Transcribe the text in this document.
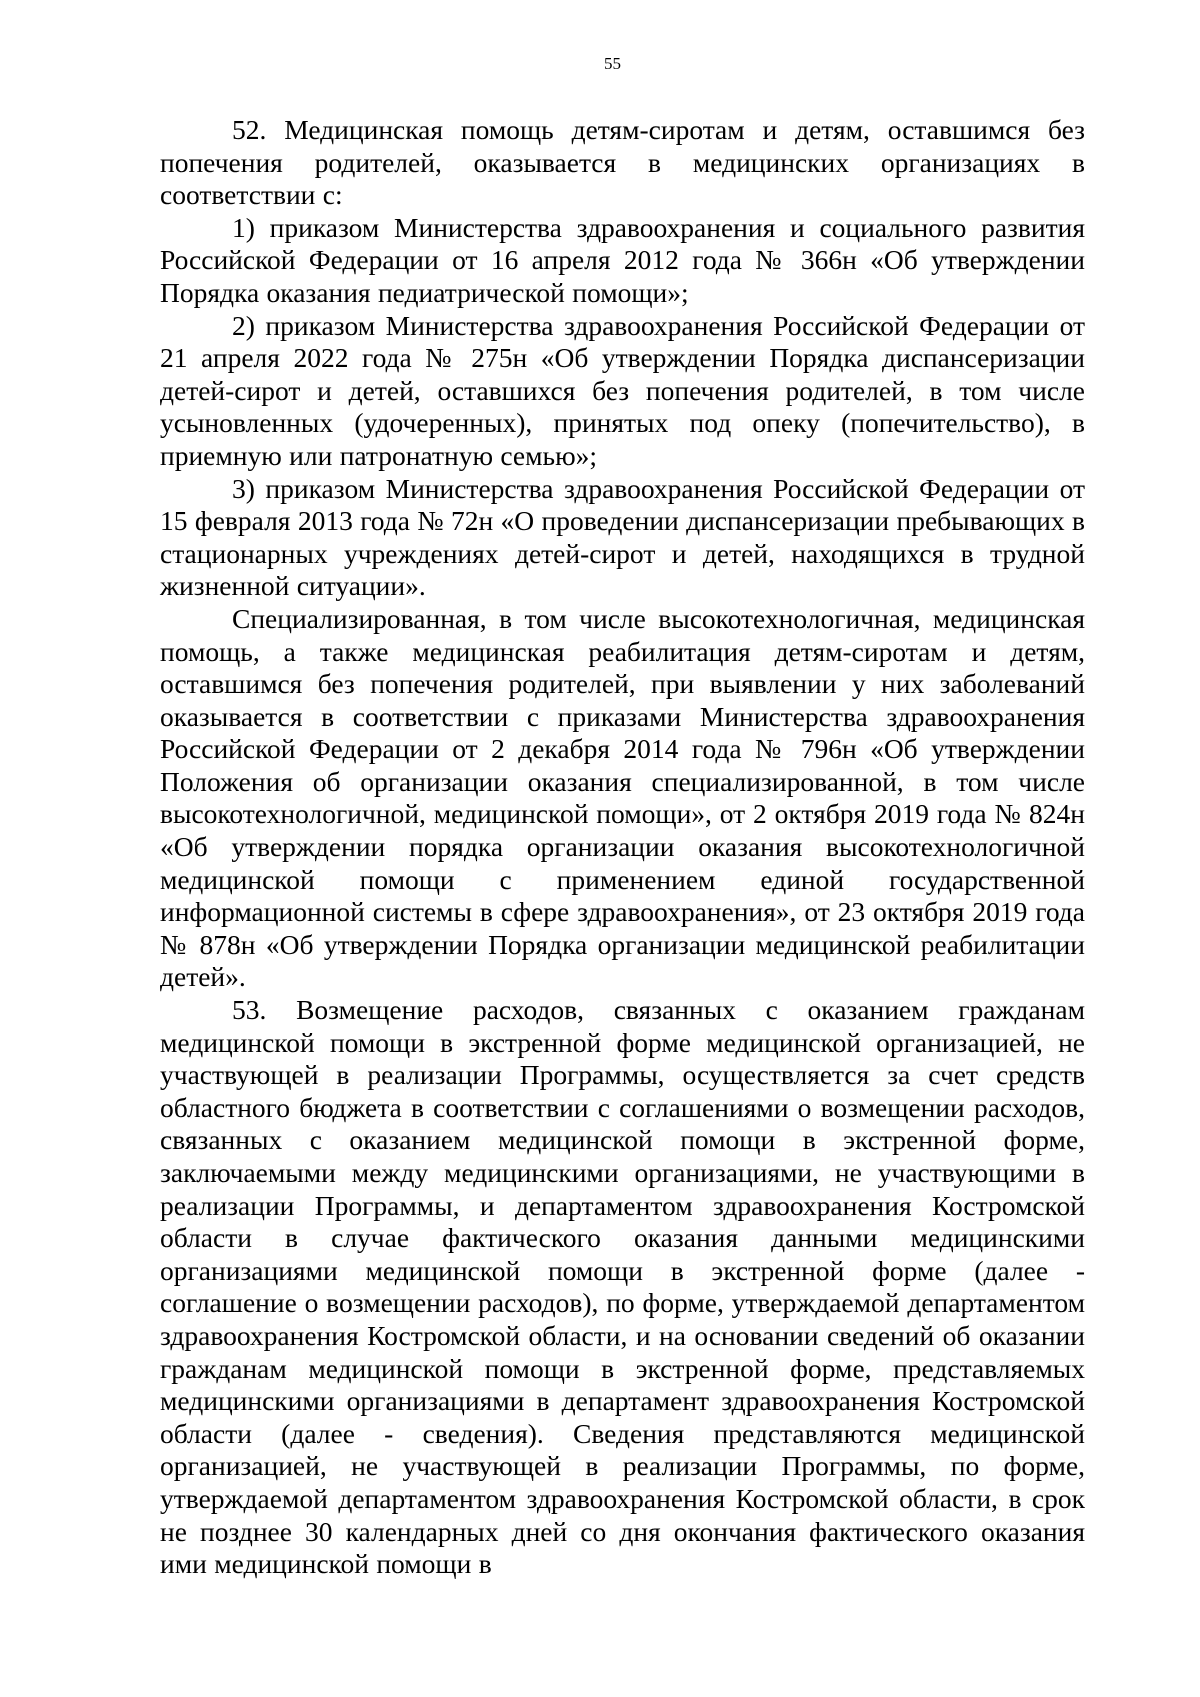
55

52. Медицинская помощь детям-сиротам и детям, оставшимся без попечения родителей, оказывается в медицинских организациях в соответствии с:

1) приказом Министерства здравоохранения и социального развития Российской Федерации от 16 апреля 2012 года № 366н «Об утверждении Порядка оказания педиатрической помощи»;

2) приказом Министерства здравоохранения Российской Федерации от 21 апреля 2022 года № 275н «Об утверждении Порядка диспансеризации детей-сирот и детей, оставшихся без попечения родителей, в том числе усыновленных (удочеренных), принятых под опеку (попечительство), в приемную или патронатную семью»;

3) приказом Министерства здравоохранения Российской Федерации от 15 февраля 2013 года № 72н «О проведении диспансеризации пребывающих в стационарных учреждениях детей-сирот и детей, находящихся в трудной жизненной ситуации».

Специализированная, в том числе высокотехнологичная, медицинская помощь, а также медицинская реабилитация детям-сиротам и детям, оставшимся без попечения родителей, при выявлении у них заболеваний оказывается в соответствии с приказами Министерства здравоохранения Российской Федерации от 2 декабря 2014 года № 796н «Об утверждении Положения об организации оказания специализированной, в том числе высокотехнологичной, медицинской помощи», от 2 октября 2019 года № 824н «Об утверждении порядка организации оказания высокотехнологичной медицинской помощи с применением единой государственной информационной системы в сфере здравоохранения», от 23 октября 2019 года № 878н «Об утверждении Порядка организации медицинской реабилитации детей».

53. Возмещение расходов, связанных с оказанием гражданам медицинской помощи в экстренной форме медицинской организацией, не участвующей в реализации Программы, осуществляется за счет средств областного бюджета в соответствии с соглашениями о возмещении расходов, связанных с оказанием медицинской помощи в экстренной форме, заключаемыми между медицинскими организациями, не участвующими в реализации Программы, и департаментом здравоохранения Костромской области в случае фактического оказания данными медицинскими организациями медицинской помощи в экстренной форме (далее - соглашение о возмещении расходов), по форме, утверждаемой департаментом здравоохранения Костромской области, и на основании сведений об оказании гражданам медицинской помощи в экстренной форме, представляемых медицинскими организациями в департамент здравоохранения Костромской области (далее - сведения). Сведения представляются медицинской организацией, не участвующей в реализации Программы, по форме, утверждаемой департаментом здравоохранения Костромской области, в срок не позднее 30 календарных дней со дня окончания фактического оказания ими медицинской помощи в
